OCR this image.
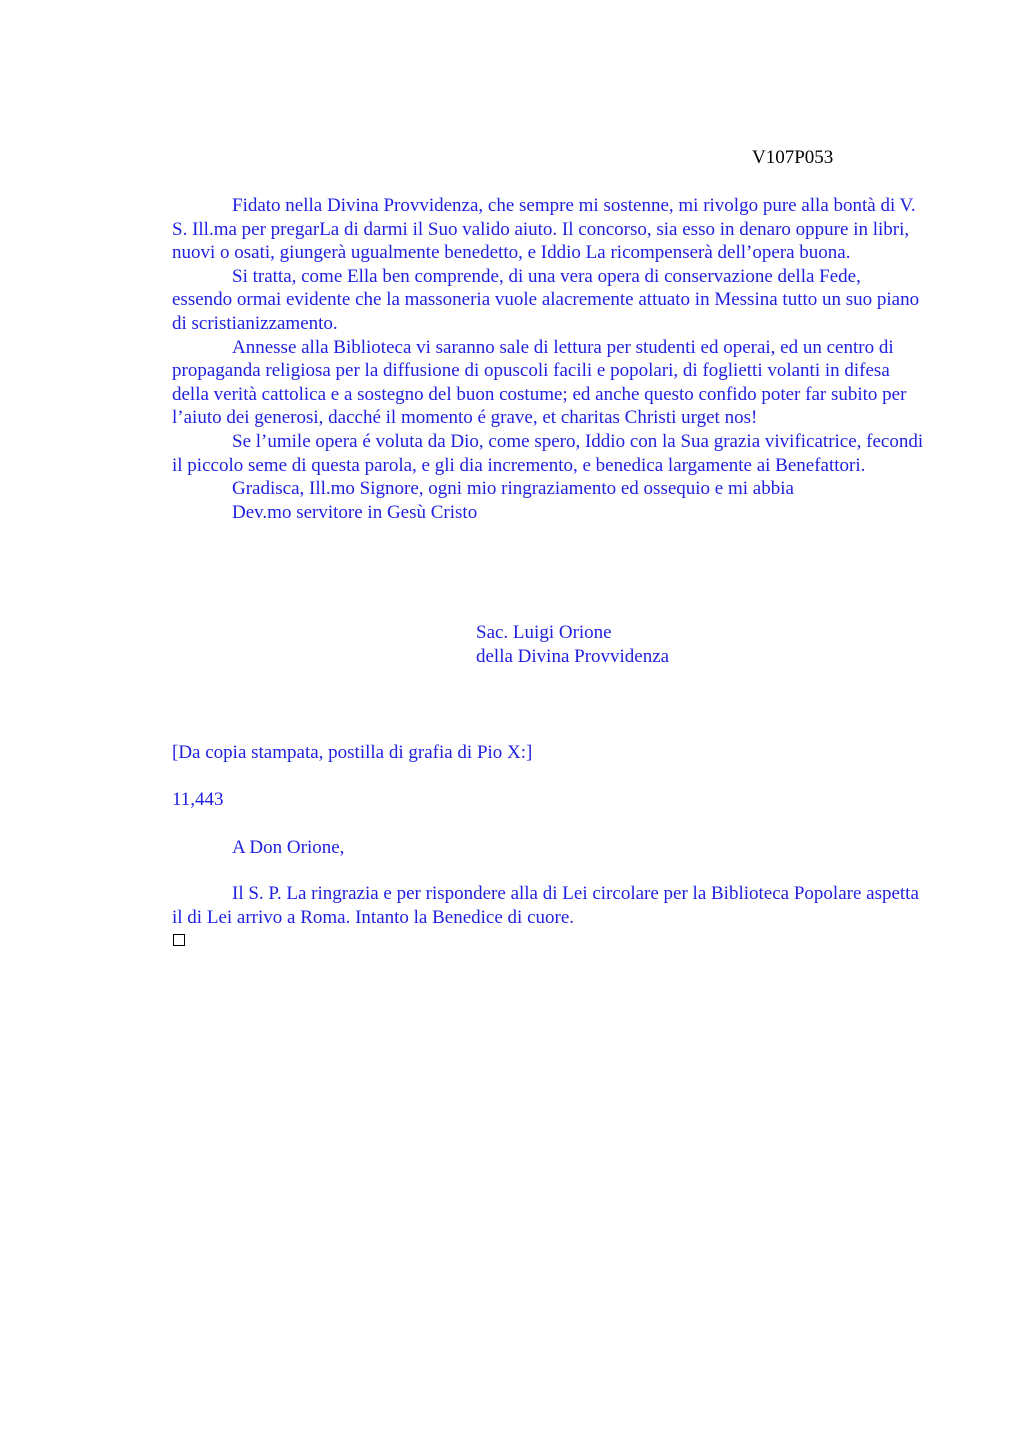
V107P053

Fidato nella Divina Provvidenza, che sempre mi sostenne, mi rivolgo pure alla bontà di V. S. Ill.ma per pregarLa di darmi il Suo valido aiuto. Il concorso, sia esso in denaro oppure in libri, nuovi o osati, giungerà ugualmente benedetto, e Iddio La ricompenserà dell’opera buona.

Si tratta, come Ella ben comprende, di una vera opera di conservazione della Fede, essendo ormai evidente che la massoneria vuole alacremente attuato in Messina tutto un suo piano di scristianizzamento.

Annesse alla Biblioteca vi saranno sale di lettura per studenti ed operai, ed un centro di propaganda religiosa per la diffusione di opuscoli facili e popolari, di foglietti volanti in difesa della verità cattolica e a sostegno del buon costume; ed anche questo confido poter far subito per l’aiuto dei generosi, dacché il momento é grave, et charitas Christi urget nos!

Se l’umile opera é voluta da Dio, come spero, Iddio con la Sua grazia vivificatrice, fecondi il piccolo seme di questa parola, e gli dia incremento, e benedica largamente ai Benefattori.

Gradisca, Ill.mo Signore, ogni mio ringraziamento ed ossequio e mi abbia

Dev.mo servitore in Gesù Cristo

Sac. Luigi Orione

della Divina Provvidenza

[Da copia stampata, postilla di grafia di Pio X:]

11,443

A Don Orione,

Il S. P. La ringrazia e per rispondere alla di Lei circolare per la Biblioteca Popolare aspetta il di Lei arrivo a Roma. Intanto la Benedice di cuore.
